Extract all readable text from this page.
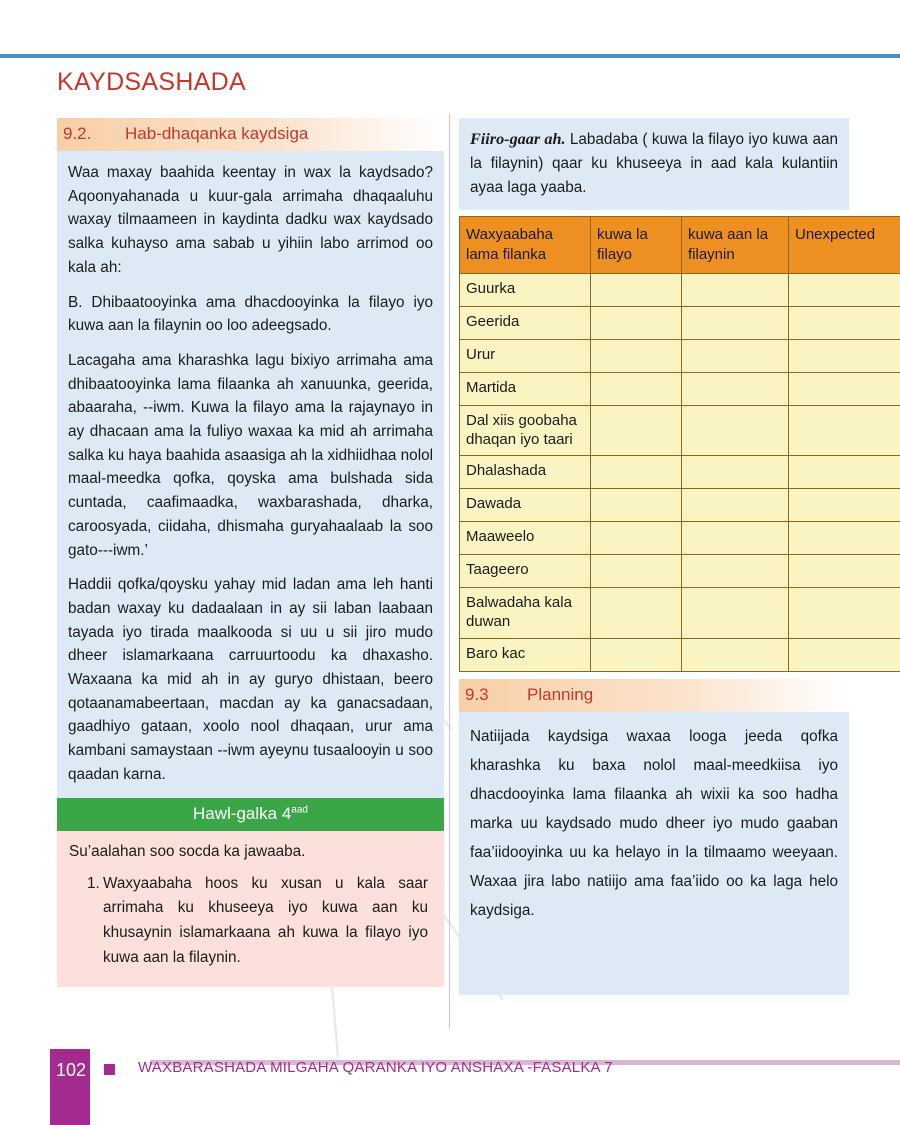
KAYDSASHADA
9.2.	Hab-dhaqanka kaydsiga

Waa maxay baahida keentay in wax la kaydsado? Aqoonyahanada u kuur-gala arrimaha dhaqaaluhu waxay tilmaameen in kaydinta dadku wax kaydsado salka kuhayso ama sabab u yihiin labo arrimod oo kala ah:

B. Dhibaatooyinka ama dhacdooyinka la filayo iyo kuwa aan la filaynin oo loo adeegsado.

Lacagaha ama kharashka lagu bixiyo arrimaha ama dhibaatooyinka lama filaanka ah xanuunka, geerida, abaaraha, --iwm. Kuwa la filayo ama la rajaynayo in ay dhacaan ama la fuliyo waxaa ka mid ah arrimaha salka ku haya baahida asaasiga ah la xidhiidhaa nolol maal-meedka qofka, qoyska ama bulshada sida cuntada, caafimaadka, waxbarashada, dharka, caroosyada, ciidaha, dhismaha guryahaalaab la soo gato---iwm.’

Haddii qofka/qoysku yahay mid ladan ama leh hanti badan waxay ku dadaalaan in ay sii laban laabaan tayada iyo tirada maalkooda si uu u sii jiro mudo dheer islamarkaana carruurtoodu ka dhaxasho. Waxaana ka mid ah in ay guryo dhistaan, beero qotaanamabeertaan, macdan ay ka ganacsadaan, gaadhiyo gataan, xoolo nool dhaqaan, urur ama kambani samaystaan --iwm ayeynu tusaalooyin u soo qaadan karna.

Hawl-galka $4^{aad}$

Su’aalahan soo socda ka jawaaba.

1. Waxyaabaha hoos ku xusan u kala saar arrimaha ku khuseeya iyo kuwa aan ku khusaynin islamarkaana ah kuwa la filayo iyo kuwa aan la filaynin.

Fiiro-gaar ah. Labadaba ( kuwa la filayo iyo kuwa aan la filaynin) qaar ku khuseeya in aad kala kulantiin ayaa laga yaaba.

Waxyaabaha lama filanka	kuwa la filayo	kuwa aan la filaynin	Unexpected
Guurka			
Geerida			
Urur			
Martida			
Dal xiis goobaha dhaqan iyo taari			
Dhalashada			
Dawada			
Maaweelo			
Taageero			
Balwadaha kala duwan			
Baro kac			
9.3	Planning

Natiijada kaydsiga waxaa looga jeeda qofka kharashka ku baxa nolol maal-meedkiisa iyo dhacdooyinka lama filaanka ah wixii ka soo hadha marka uu kaydsado mudo dheer iyo mudo gaaban faa’iidooyinka uu ka helayo in la tilmaamo weeyaan. Waxaa jira labo natiijo ama faa’iido oo ka laga helo kaydsiga.

102	WAXBARASHADA MILGAHA QARANKA IYO ANSHAXA -FASALKA 7
